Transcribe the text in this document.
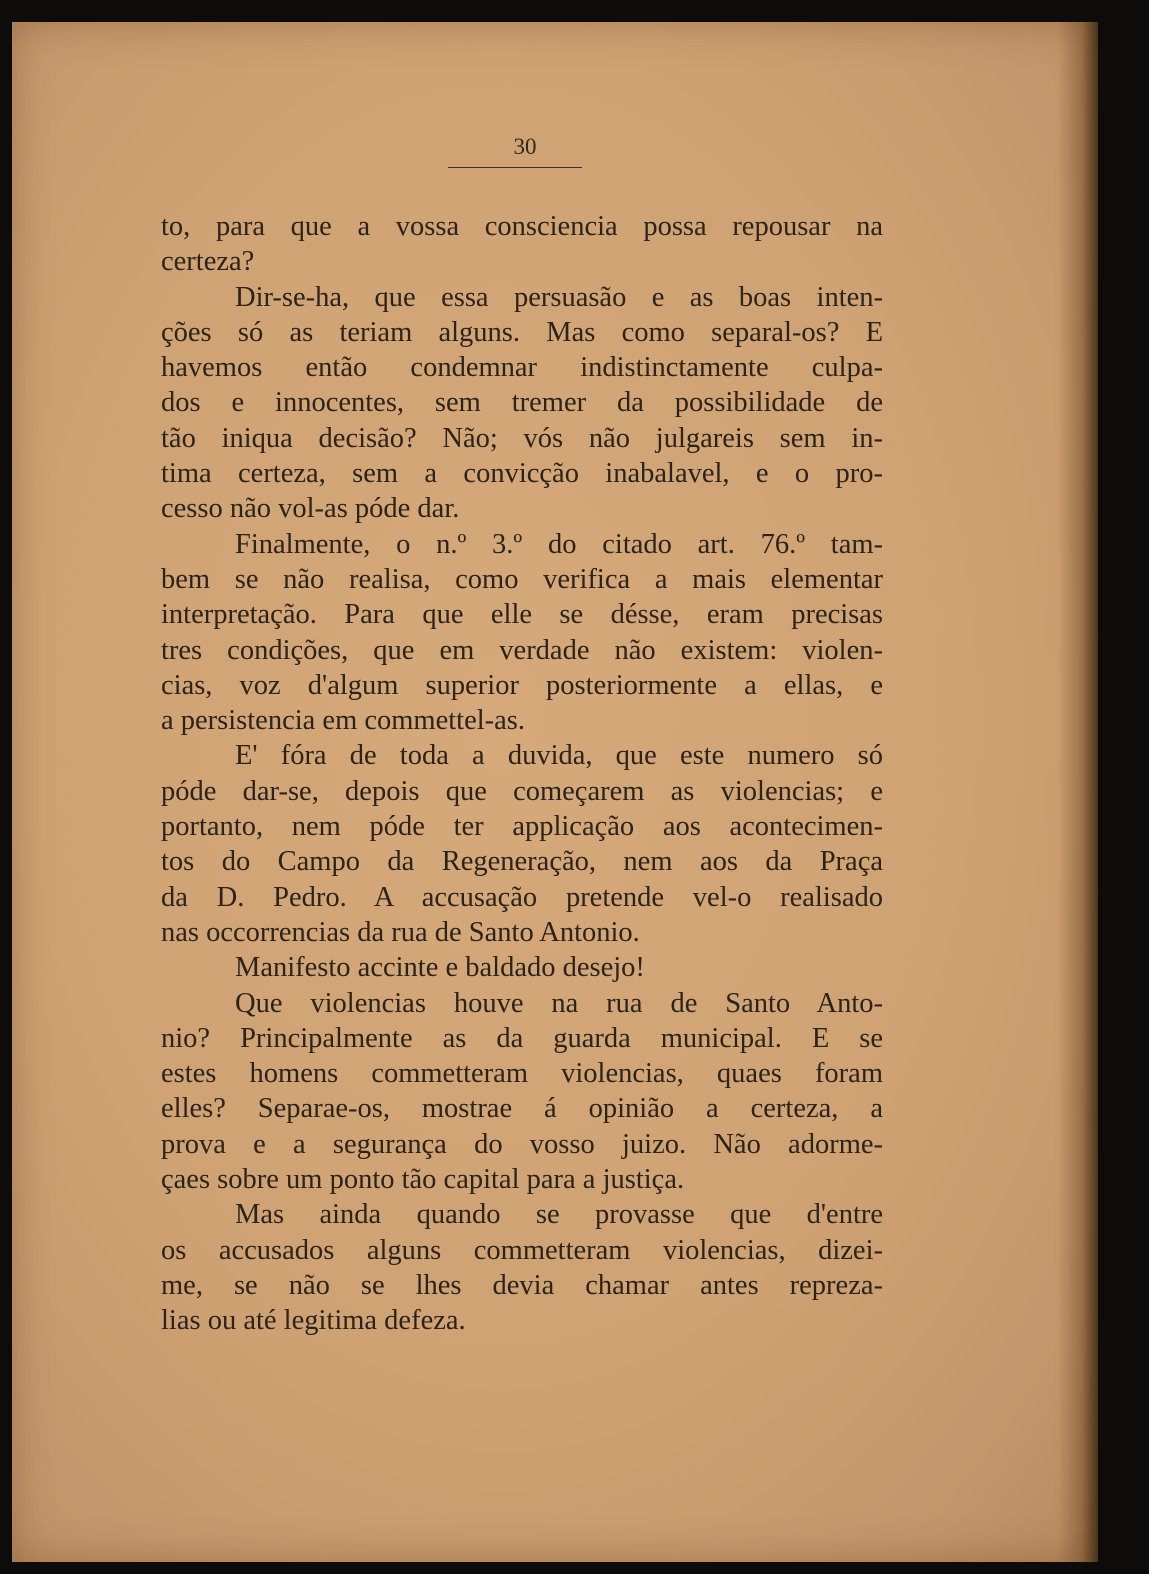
30
to, para que a vossa consciencia possa repousar na
certeza?
Dir-se-ha, que essa persuasão e as boas inten-
ções só as teriam alguns. Mas como separal-os? E
havemos então condemnar indistinctamente culpa-
dos e innocentes, sem tremer da possibilidade de
tão iniqua decisão? Não; vós não julgareis sem in-
tima certeza, sem a convicção inabalavel, e o pro-
cesso não vol-as póde dar.
Finalmente, o n.º 3.º do citado art. 76.º tam-
bem se não realisa, como verifica a mais elementar
interpretação. Para que elle se désse, eram precisas
tres condições, que em verdade não existem: violen-
cias, voz d'algum superior posteriormente a ellas, e
a persistencia em commettel-as.
E' fóra de toda a duvida, que este numero só
póde dar-se, depois que começarem as violencias; e
portanto, nem póde ter applicação aos acontecimen-
tos do Campo da Regeneração, nem aos da Praça
da D. Pedro. A accusação pretende vel-o realisado
nas occorrencias da rua de Santo Antonio.
Manifesto accinte e baldado desejo!
Que violencias houve na rua de Santo Anto-
nio? Principalmente as da guarda municipal. E se
estes homens commetteram violencias, quaes foram
elles? Separae-os, mostrae á opinião a certeza, a
prova e a segurança do vosso juizo. Não adorme-
çaes sobre um ponto tão capital para a justiça.
Mas ainda quando se provasse que d'entre
os accusados alguns commetteram violencias, dizei-
me, se não se lhes devia chamar antes repreza-
lias ou até legitima defeza.
